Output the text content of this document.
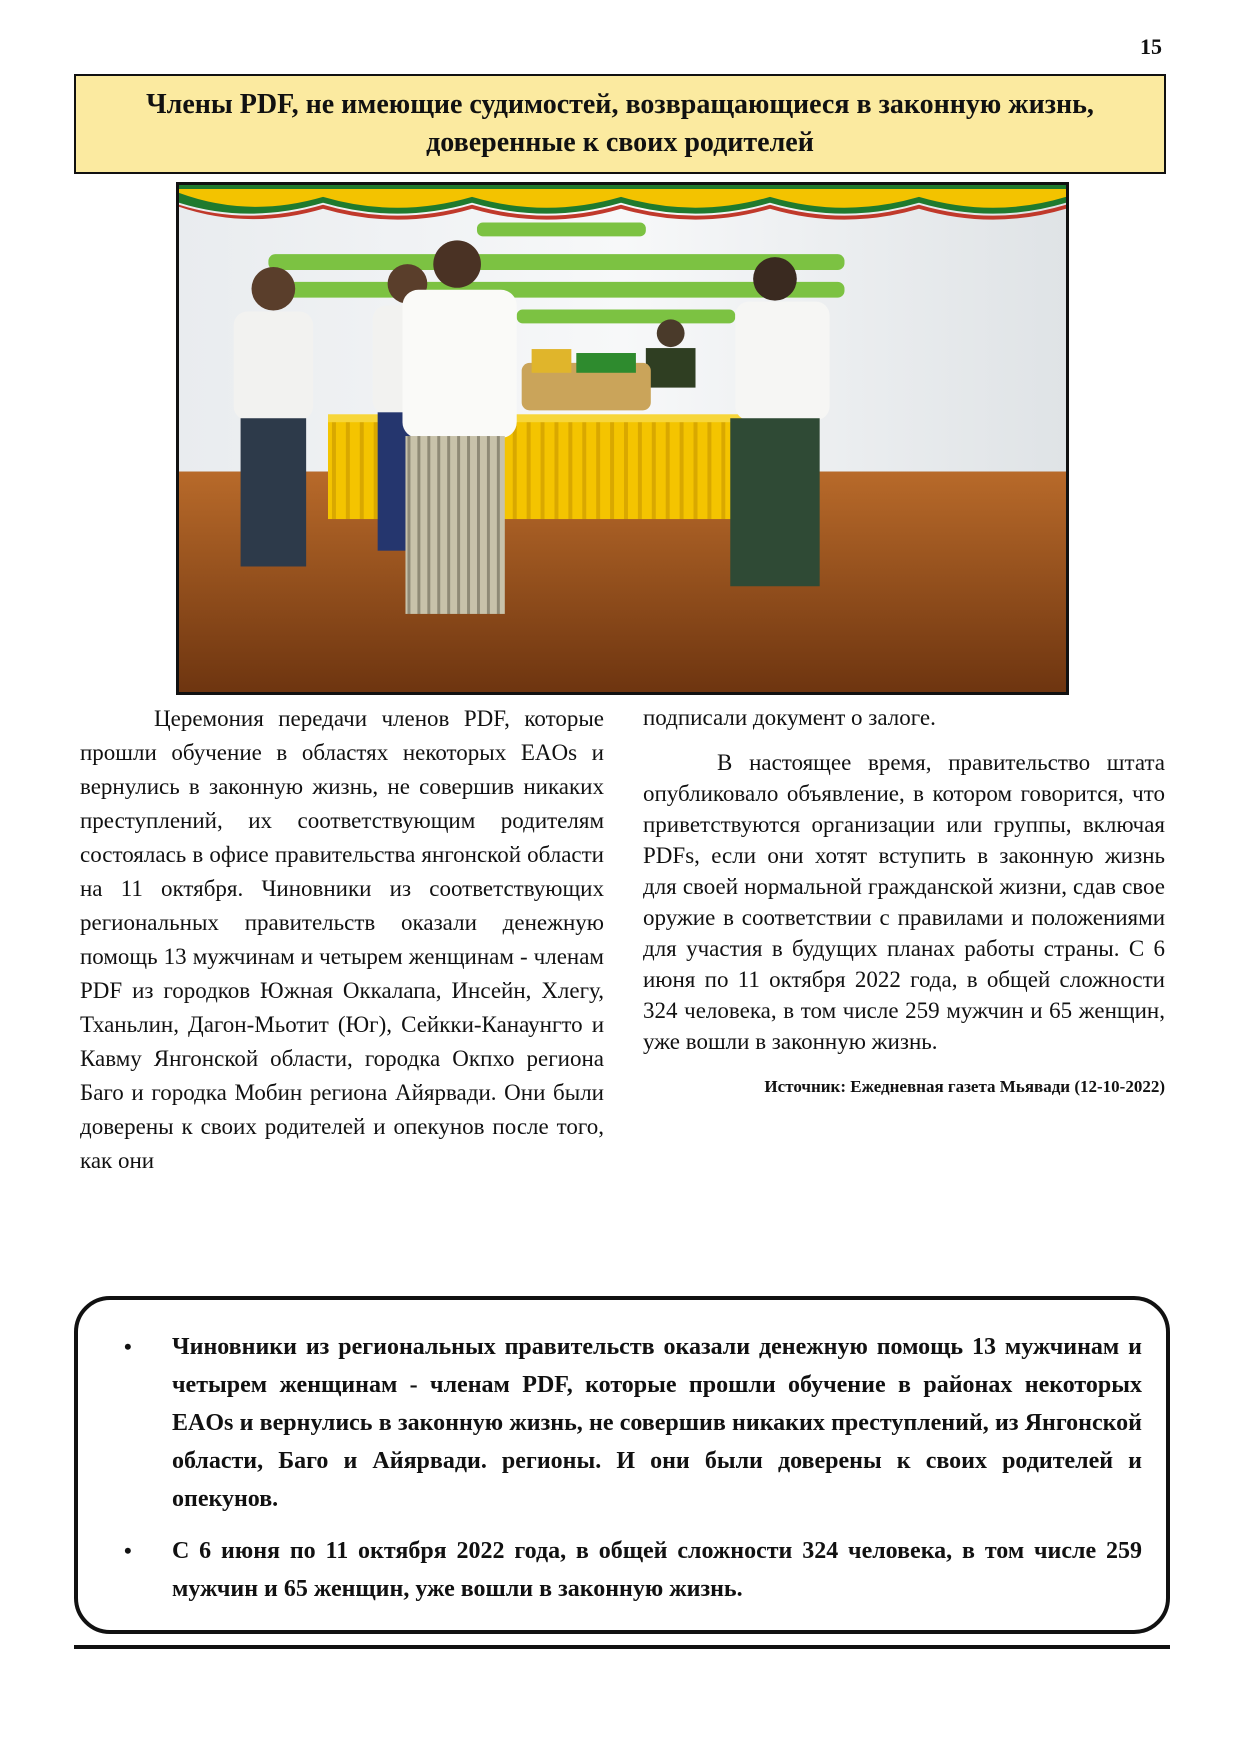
15
Члены PDF, не имеющие судимостей, возвращающиеся в законную жизнь,
доверенные к своих родителей

Церемония передачи членов PDF, которые прошли обучение в областях некоторых EAOs и вернулись в законную жизнь, не совершив никаких преступлений, их соответствующим родителям состоялась в офисе правительства янгонской области на 11 октября. Чиновники из соответствующих региональных правительств оказали денежную помощь 13 мужчинам и четырем женщинам - членам PDF из городков Южная Оккалапа, Инсейн, Хлегу, Тханьлин, Дагон-Мьотит (Юг), Сейкки-Канаунгто и Кавму Янгонской области, городка Окпхо региона Баго и городка Мобин региона Айярвади. Они были доверены к своих родителей и опекунов после того, как они

подписали документ о залоге.

В настоящее время, правительство штата опубликовало объявление, в котором говорится, что приветствуются организации или группы, включая PDFs, если они хотят вступить в законную жизнь для своей нормальной гражданской жизни, сдав свое оружие в соответствии с правилами и положениями для участия в будущих планах работы страны. С 6 июня по 11 октября 2022 года, в общей сложности 324 человека, в том числе 259 мужчин и 65 женщин, уже вошли в законную жизнь.

Источник: Ежедневная газета Мьявади (12-10-2022)

• Чиновники из региональных правительств оказали денежную помощь 13 мужчинам и четырем женщинам - членам PDF, которые прошли обучение в районах некоторых EAOs и вернулись в законную жизнь, не совершив никаких преступлений, из Янгонской области, Баго и Айярвади. регионы. И они были доверены к своих родителей и опекунов.
• С 6 июня по 11 октября 2022 года, в общей сложности 324 человека, в том числе 259 мужчин и 65 женщин, уже вошли в законную жизнь.
